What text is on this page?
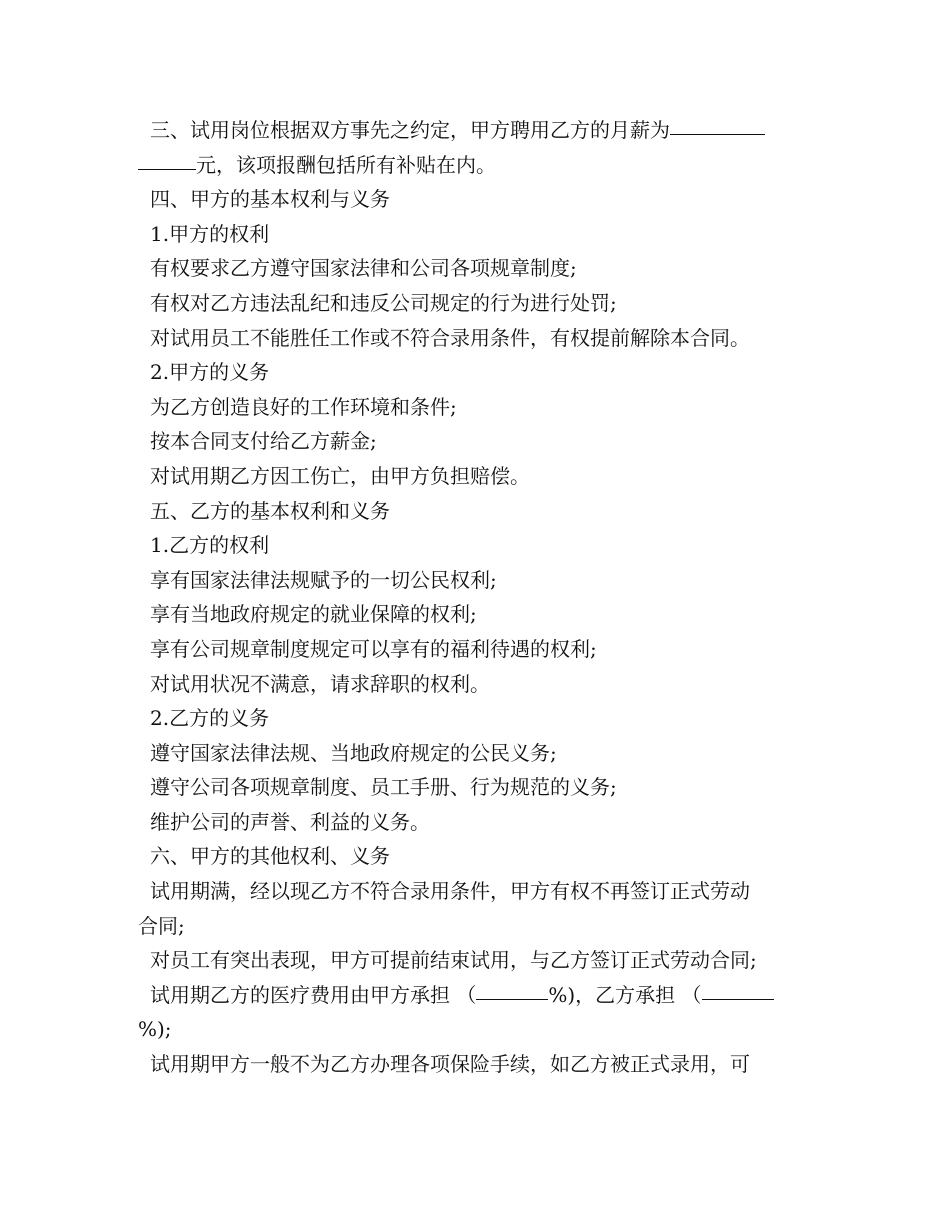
三、试用岗位根据双方事先之约定，甲方聘用乙方的月薪为
元，该项报酬包括所有补贴在内。
四、甲方的基本权利与义务
1.甲方的权利
有权要求乙方遵守国家法律和公司各项规章制度;
有权对乙方违法乱纪和违反公司规定的行为进行处罚;
对试用员工不能胜任工作或不符合录用条件，有权提前解除本合同。
2.甲方的义务
为乙方创造良好的工作环境和条件;
按本合同支付给乙方薪金;
对试用期乙方因工伤亡，由甲方负担赔偿。
五、乙方的基本权利和义务
1.乙方的权利
享有国家法律法规赋予的一切公民权利;
享有当地政府规定的就业保障的权利;
享有公司规章制度规定可以享有的福利待遇的权利;
对试用状况不满意，请求辞职的权利。
2.乙方的义务
遵守国家法律法规、当地政府规定的公民义务;
遵守公司各项规章制度、员工手册、行为规范的义务;
维护公司的声誉、利益的义务。
六、甲方的其他权利、义务
试用期满，经以现乙方不符合录用条件，甲方有权不再签订正式劳动
合同;
对员工有突出表现，甲方可提前结束试用，与乙方签订正式劳动合同;
试用期乙方的医疗费用由甲方承担 （	%)，乙方承担 （
%);
试用期甲方一般不为乙方办理各项保险手续，如乙方被正式录用，可
